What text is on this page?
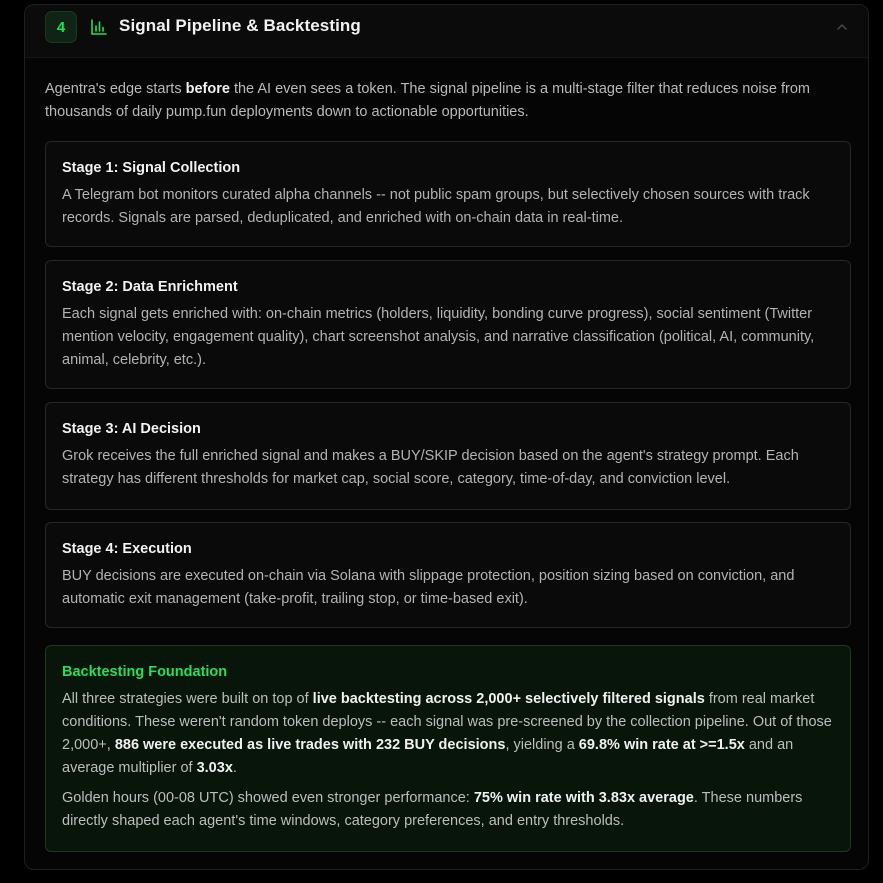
4	Signal Pipeline & Backtesting
Agentra's edge starts before the AI even sees a token. The signal pipeline is a multi-stage filter that reduces noise from thousands of daily pump.fun deployments down to actionable opportunities.
Stage 1: Signal Collection

A Telegram bot monitors curated alpha channels -- not public spam groups, but selectively chosen sources with track records. Signals are parsed, deduplicated, and enriched with on-chain data in real-time.

Stage 2: Data Enrichment

Each signal gets enriched with: on-chain metrics (holders, liquidity, bonding curve progress), social sentiment (Twitter mention velocity, engagement quality), chart screenshot analysis, and narrative classification (political, AI, community, animal, celebrity, etc.).

Stage 3: AI Decision

Grok receives the full enriched signal and makes a BUY/SKIP decision based on the agent's strategy prompt. Each strategy has different thresholds for market cap, social score, category, time-of-day, and conviction level.

Stage 4: Execution

BUY decisions are executed on-chain via Solana with slippage protection, position sizing based on conviction, and automatic exit management (take-profit, trailing stop, or time-based exit).

Backtesting Foundation

All three strategies were built on top of live backtesting across 2,000+ selectively filtered signals from real market conditions. These weren't random token deploys -- each signal was pre-screened by the collection pipeline. Out of those 2,000+, 886 were executed as live trades with 232 BUY decisions, yielding a 69.8% win rate at >=1.5x and an average multiplier of 3.03x.

Golden hours (00-08 UTC) showed even stronger performance: 75% win rate with 3.83x average. These numbers directly shaped each agent's time windows, category preferences, and entry thresholds.
